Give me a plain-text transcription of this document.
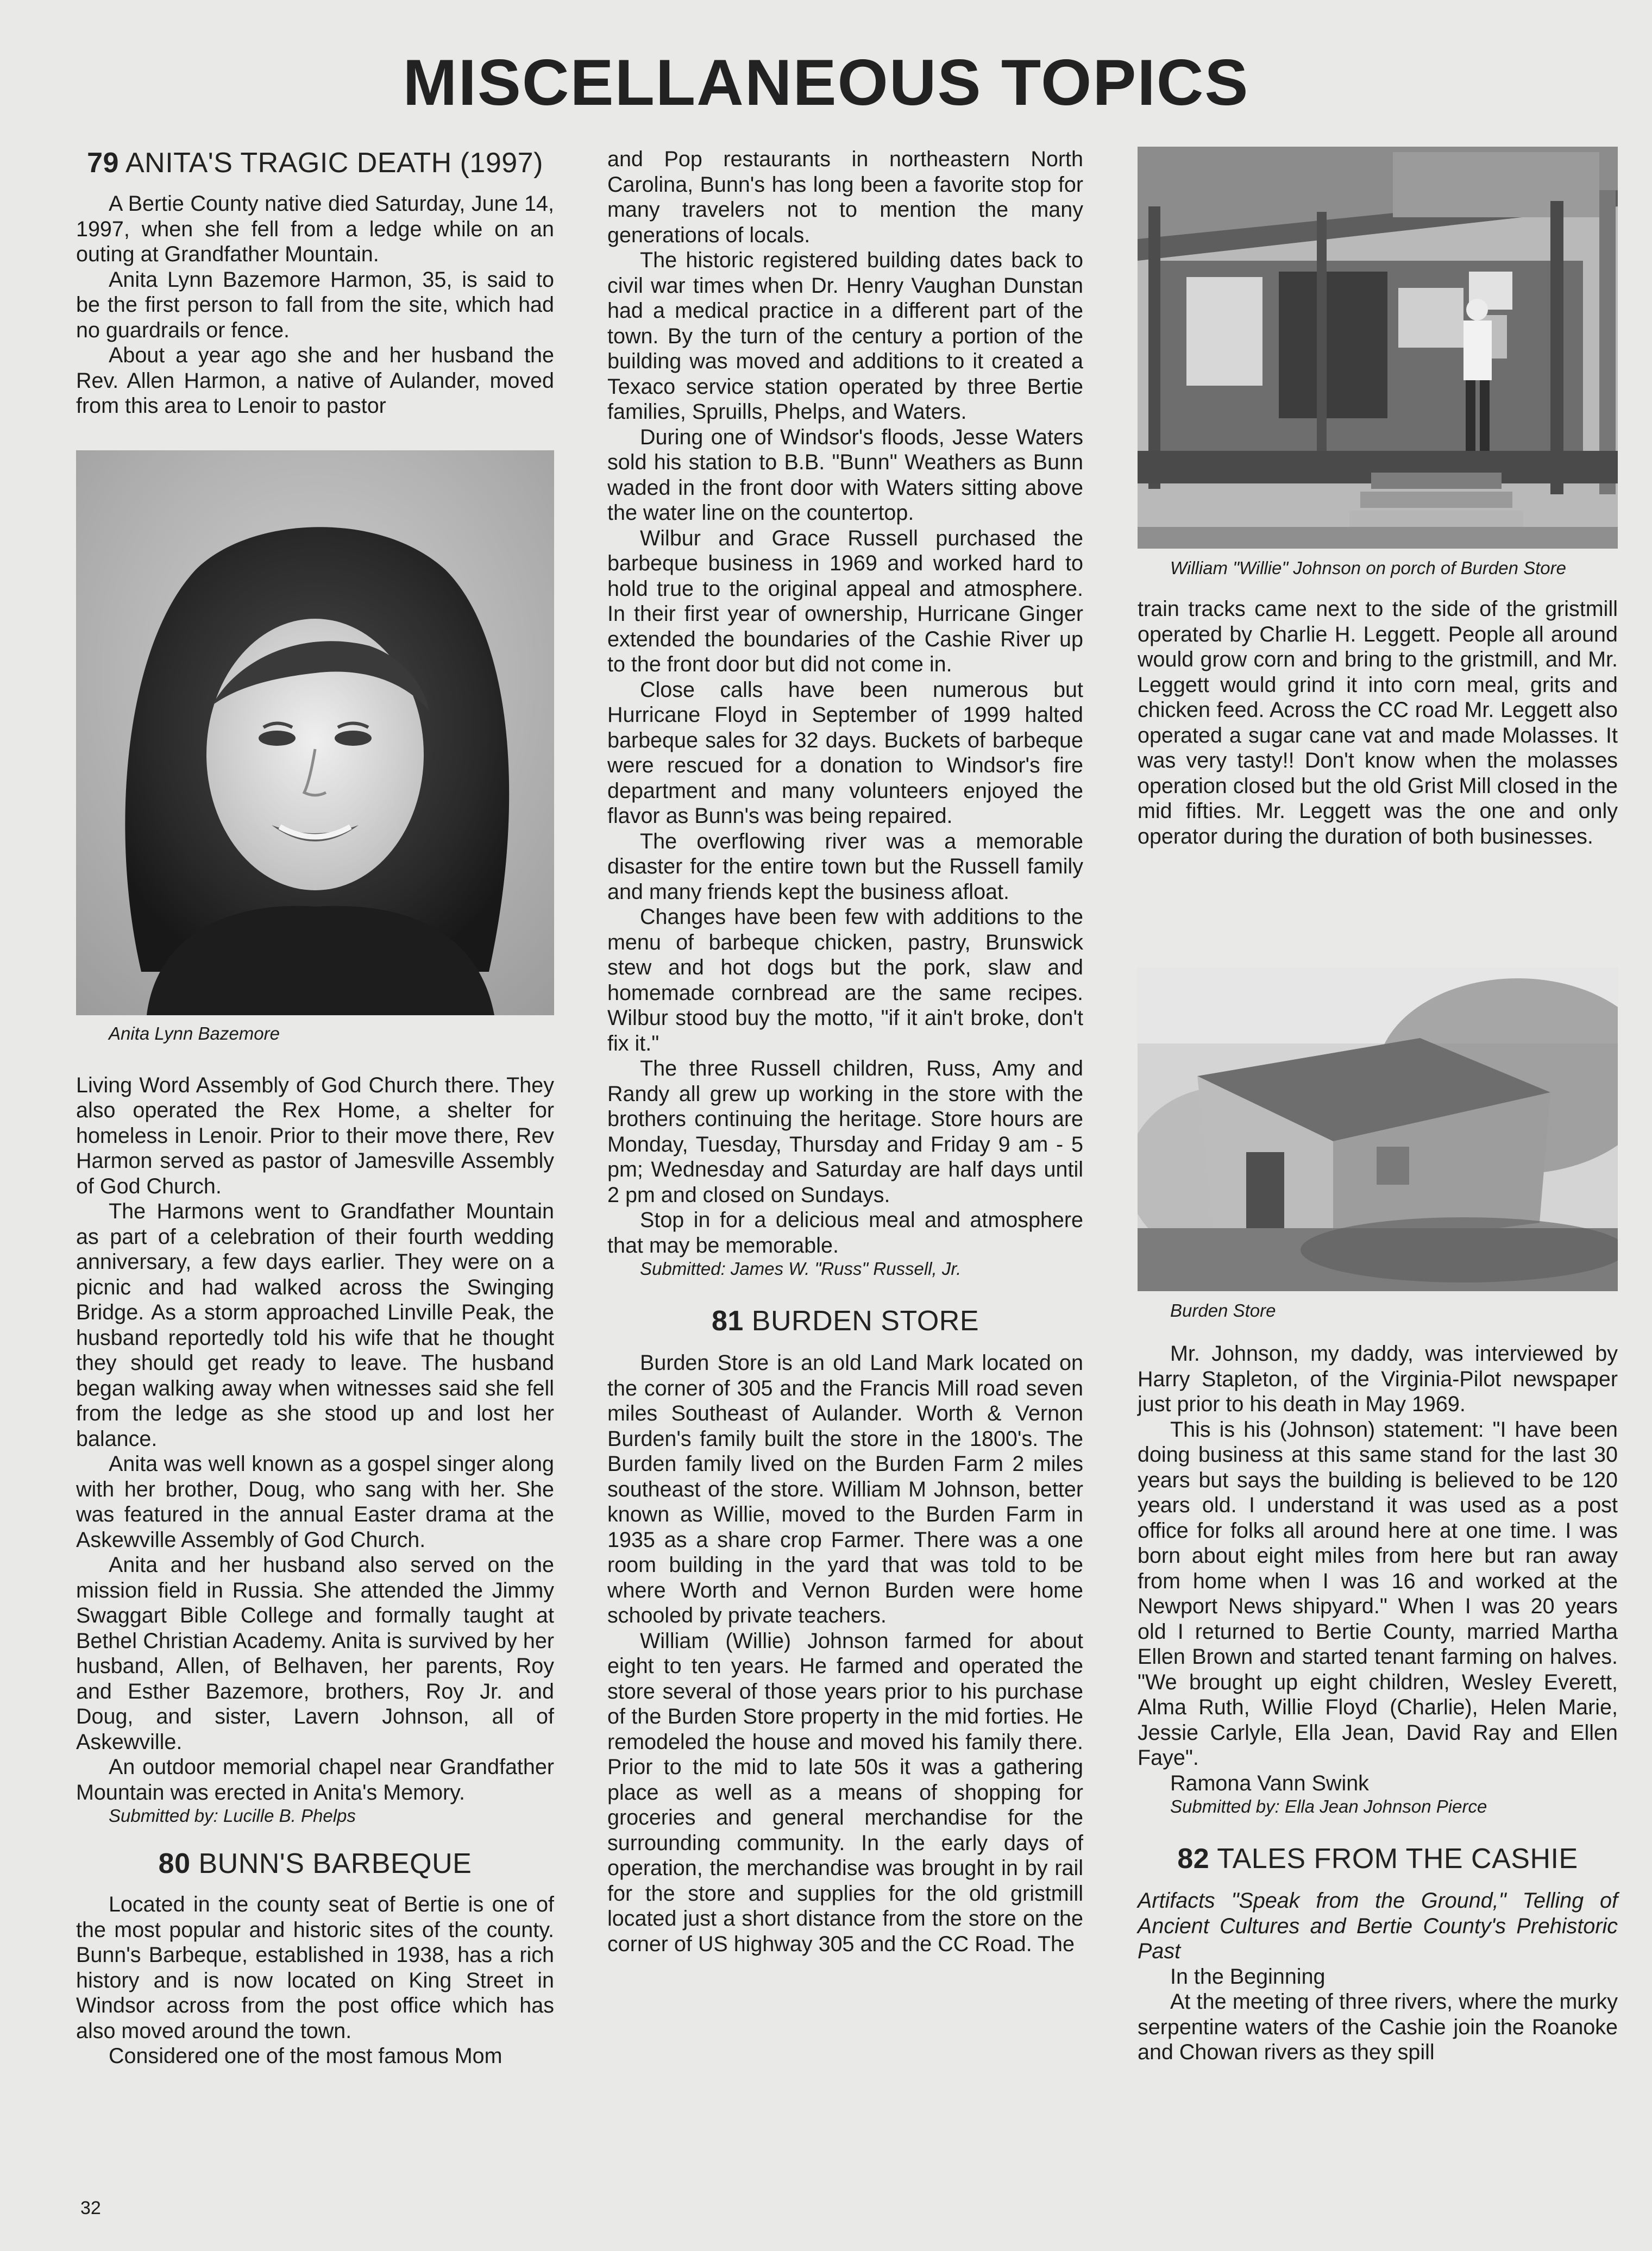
MISCELLANEOUS TOPICS
79 ANITA'S TRAGIC DEATH (1997)

A Bertie County native died Saturday, June 14, 1997, when she fell from a ledge while on an outing at Grandfather Mountain.

Anita Lynn Bazemore Harmon, 35, is said to be the first person to fall from the site, which had no guardrails or fence.

About a year ago she and her husband the Rev. Allen Harmon, a native of Aulander, moved from this area to Lenoir to pastor

Anita Lynn Bazemore

Living Word Assembly of God Church there. They also operated the Rex Home, a shelter for homeless in Lenoir. Prior to their move there, Rev Harmon served as pastor of Jamesville Assembly of God Church.

The Harmons went to Grandfather Mountain as part of a celebration of their fourth wedding anniversary, a few days earlier. They were on a picnic and had walked across the Swinging Bridge. As a storm approached Linville Peak, the husband reportedly told his wife that he thought they should get ready to leave. The husband began walking away when witnesses said she fell from the ledge as she stood up and lost her balance.

Anita was well known as a gospel singer along with her brother, Doug, who sang with her. She was featured in the annual Easter drama at the Askewville Assembly of God Church.

Anita and her husband also served on the mission field in Russia. She attended the Jimmy Swaggart Bible College and formally taught at Bethel Christian Academy. Anita is survived by her husband, Allen, of Belhaven, her parents, Roy and Esther Bazemore, brothers, Roy Jr. and Doug, and sister, Lavern Johnson, all of Askewville.

An outdoor memorial chapel near Grandfather Mountain was erected in Anita's Memory.

Submitted by: Lucille B. Phelps

80 BUNN'S BARBEQUE

Located in the county seat of Bertie is one of the most popular and historic sites of the county. Bunn's Barbeque, established in 1938, has a rich history and is now located on King Street in Windsor across from the post office which has also moved around the town.

Considered one of the most famous Mom

and Pop restaurants in northeastern North Carolina, Bunn's has long been a favorite stop for many travelers not to mention the many generations of locals.

The historic registered building dates back to civil war times when Dr. Henry Vaughan Dunstan had a medical practice in a different part of the town. By the turn of the century a portion of the building was moved and additions to it created a Texaco service station operated by three Bertie families, Spruills, Phelps, and Waters.

During one of Windsor's floods, Jesse Waters sold his station to B.B. "Bunn" Weathers as Bunn waded in the front door with Waters sitting above the water line on the countertop.

Wilbur and Grace Russell purchased the barbeque business in 1969 and worked hard to hold true to the original appeal and atmosphere. In their first year of ownership, Hurricane Ginger extended the boundaries of the Cashie River up to the front door but did not come in.

Close calls have been numerous but Hurricane Floyd in September of 1999 halted barbeque sales for 32 days. Buckets of barbeque were rescued for a donation to Windsor's fire department and many volunteers enjoyed the flavor as Bunn's was being repaired.

The overflowing river was a memorable disaster for the entire town but the Russell family and many friends kept the business afloat.

Changes have been few with additions to the menu of barbeque chicken, pastry, Brunswick stew and hot dogs but the pork, slaw and homemade cornbread are the same recipes. Wilbur stood buy the motto, "if it ain't broke, don't fix it."

The three Russell children, Russ, Amy and Randy all grew up working in the store with the brothers continuing the heritage. Store hours are Monday, Tuesday, Thursday and Friday 9 am - 5 pm; Wednesday and Saturday are half days until 2 pm and closed on Sundays.

Stop in for a delicious meal and atmosphere that may be memorable.

Submitted: James W. "Russ" Russell, Jr.

81 BURDEN STORE

Burden Store is an old Land Mark located on the corner of 305 and the Francis Mill road seven miles Southeast of Aulander. Worth & Vernon Burden's family built the store in the 1800's. The Burden family lived on the Burden Farm 2 miles southeast of the store. William M Johnson, better known as Willie, moved to the Burden Farm in 1935 as a share crop Farmer. There was a one room building in the yard that was told to be where Worth and Vernon Burden were home schooled by private teachers.

William (Willie) Johnson farmed for about eight to ten years. He farmed and operated the store several of those years prior to his purchase of the Burden Store property in the mid forties. He remodeled the house and moved his family there. Prior to the mid to late 50s it was a gathering place as well as a means of shopping for groceries and general merchandise for the surrounding community. In the early days of operation, the merchandise was brought in by rail for the store and supplies for the old gristmill located just a short distance from the store on the corner of US highway 305 and the CC Road. The

William "Willie" Johnson on porch of Burden Store

train tracks came next to the side of the gristmill operated by Charlie H. Leggett. People all around would grow corn and bring to the gristmill, and Mr. Leggett would grind it into corn meal, grits and chicken feed. Across the CC road Mr. Leggett also operated a sugar cane vat and made Molasses. It was very tasty!! Don't know when the molasses operation closed but the old Grist Mill closed in the mid fifties. Mr. Leggett was the one and only operator during the duration of both businesses.

Burden Store

Mr. Johnson, my daddy, was interviewed by Harry Stapleton, of the Virginia-Pilot newspaper just prior to his death in May 1969.

This is his (Johnson) statement: "I have been doing business at this same stand for the last 30 years but says the building is believed to be 120 years old. I understand it was used as a post office for folks all around here at one time. I was born about eight miles from here but ran away from home when I was 16 and worked at the Newport News shipyard." When I was 20 years old I returned to Bertie County, married Martha Ellen Brown and started tenant farming on halves. "We brought up eight children, Wesley Everett, Alma Ruth, Willie Floyd (Charlie), Helen Marie, Jessie Carlyle, Ella Jean, David Ray and Ellen Faye".

Ramona Vann Swink

Submitted by: Ella Jean Johnson Pierce

82 TALES FROM THE CASHIE

Artifacts "Speak from the Ground," Telling of Ancient Cultures and Bertie County's Prehistoric Past

In the Beginning

At the meeting of three rivers, where the murky serpentine waters of the Cashie join the Roanoke and Chowan rivers as they spill

32
